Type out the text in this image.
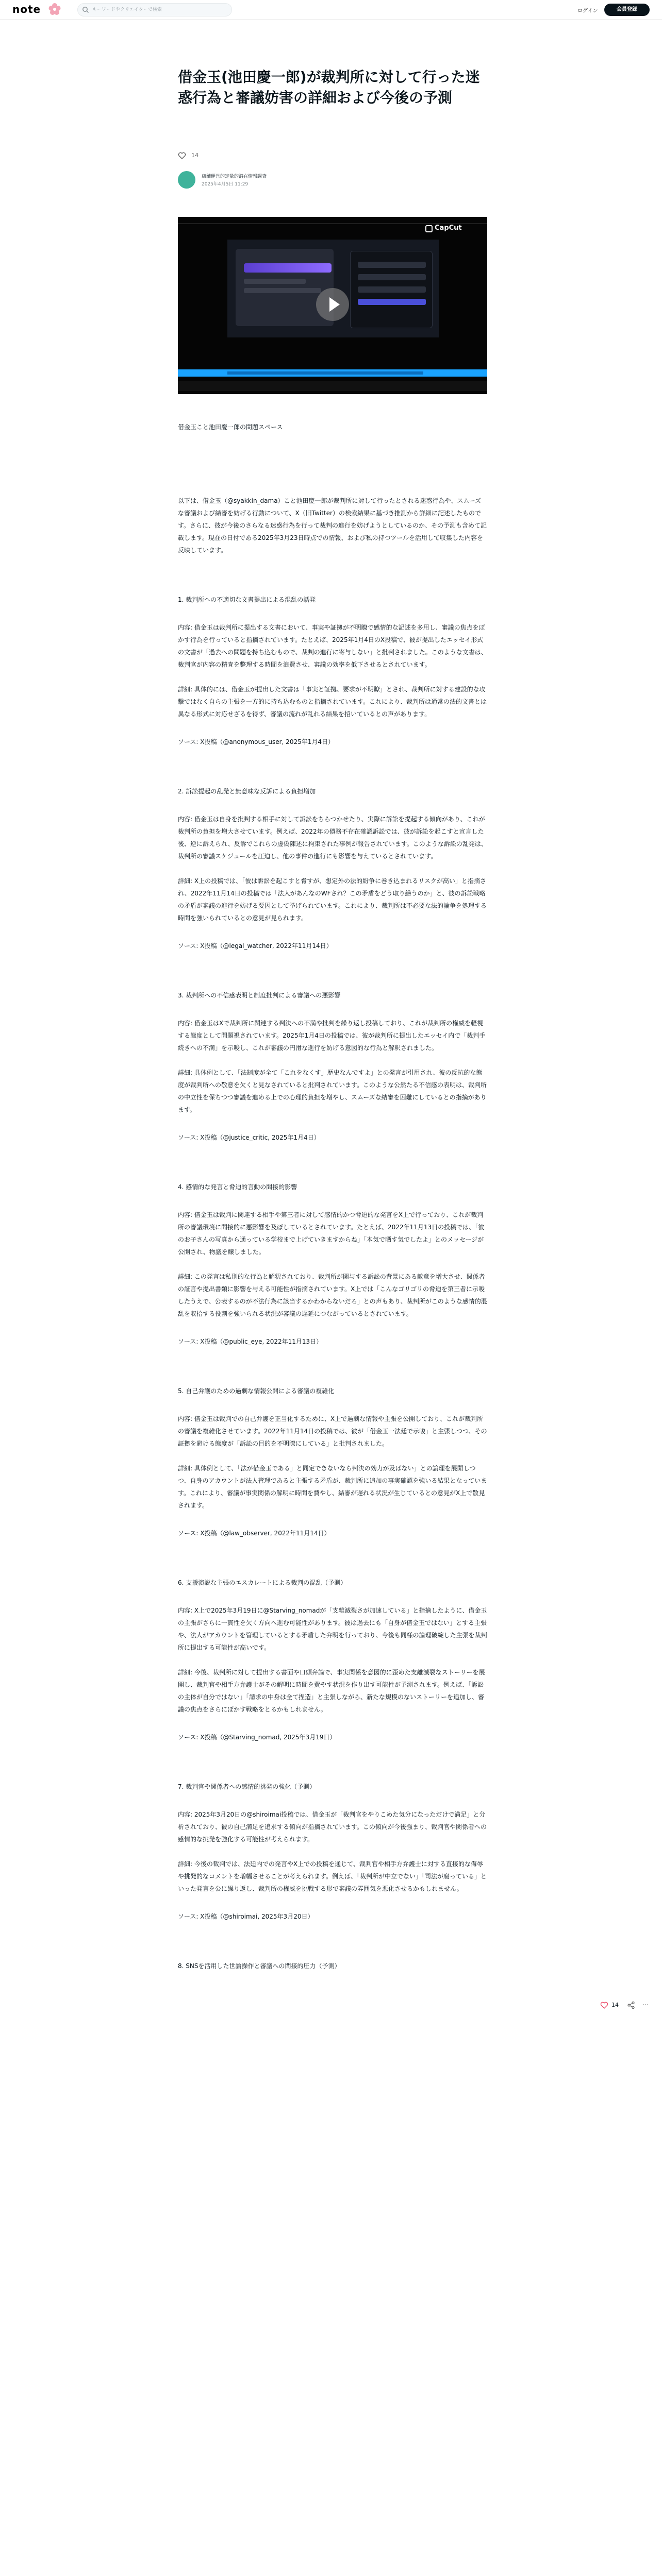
note
キーワードやクリエイターで検索	ログイン	会員登録
借金玉(池田慶一郎)が裁判所に対して行った迷惑行為と審議妨害の詳細および今後の予測
14
店舗運営的定量的潜在情報調査
2025年4月5日 11:29
CapCut

借金玉こと池田慶一郎の問題スペース

以下は、借金玉（@syakkin_dama）こと池田慶一郎が裁判所に対して行ったとされる迷惑行為や、スムーズな審議および結審を妨げる行動について、X（旧Twitter）の検索結果に基づき推測から詳細に記述したものです。さらに、彼が今後のさらなる迷惑行為を行って裁判の進行を妨げようとしているのか、その予測も含めて記載します。現在の日付である2025年3月23日時点での情報、および私の持つツールを活用して収集した内容を反映しています。

1. 裁判所への不適切な文書提出による混乱の誘発

内容: 借金玉は裁判所に提出する文書において、事実や証拠が不明瞭で感情的な記述を多用し、審議の焦点をぼかす行為を行っていると指摘されています。たとえば、2025年1月4日のX投稿で、彼が提出したエッセイ形式の文書が「過去への問題を持ち込むもので、裁判の進行に寄与しない」と批判されました。このような文書は、裁判官が内容の精査を整理する時間を浪費させ、審議の効率を低下させるとされています。

詳細: 具体的には、借金玉が提出した文書は「事実と証拠、要求が不明瞭」とされ、裁判所に対する建設的な攻撃ではなく自らの主張を一方的に持ち込むものと指摘されています。これにより、裁判所は通常の法的文書とは異なる形式に対応せざるを得ず、審議の流れが乱れる結果を招いているとの声があります。

ソース: X投稿（@anonymous_user, 2025年1月4日）

2. 訴訟提起の乱発と無意味な反訴による負担増加

内容: 借金玉は自身を批判する相手に対して訴訟をちらつかせたり、実際に訴訟を提起する傾向があり、これが裁判所の負担を増大させています。例えば、2022年の債務不存在確認訴訟では、彼が訴訟を起こすと宣言した後、逆に訴えられ、反訴でこれらの虚偽陳述に拘束された事例が報告されています。このような訴訟の乱発は、裁判所の審議スケジュールを圧迫し、他の事件の進行にも影響を与えているとされています。

詳細: X上の投稿では、「彼は訴訟を起こすと脅すが、想定外の法的紛争に巻き込まれるリスクが高い」と指摘され、2022年11月14日の投稿では「法人があんなのWFされ？この矛盾をどう取り繕うのか」と、彼の訴訟戦略の矛盾が審議の進行を妨げる要因として挙げられています。これにより、裁判所は不必要な法的論争を処理する時間を強いられているとの意見が見られます。

ソース: X投稿（@legal_watcher, 2022年11月14日）

3. 裁判所への不信感表明と制度批判による審議への悪影響

内容: 借金玉はXで裁判所に関連する判決への不満や批判を繰り返し投稿しており、これが裁判所の権威を軽視する態度として問題視されています。2025年1月4日の投稿では、彼が裁判所に提出したエッセイ内で「裁判手続きへの不満」を示唆し、これが審議の円滑な進行を妨げる意図的な行為と解釈されました。

詳細: 具体例として、「法制度が全て「これをなくす」歴史なんですよ」との発言が引用され、彼の反抗的な態度が裁判所への敬意を欠くと見なされていると批判されています。このような公然たる不信感の表明は、裁判所の中立性を保ちつつ審議を進める上での心理的負担を増やし、スムーズな結審を困難にしているとの指摘があります。

ソース: X投稿（@justice_critic, 2025年1月4日）

4. 感情的な発言と脅迫的言動の間接的影響

内容: 借金玉は裁判に関連する相手や第三者に対して感情的かつ脅迫的な発言をX上で行っており、これが裁判所の審議環境に間接的に悪影響を及ぼしているとされています。たとえば、2022年11月13日の投稿では、「彼のお子さんの写真から通っている学校まで上げていきますからね」「本気で晒す気でしたよ」とのメッセージが公開され、物議を醸しました。

詳細: この発言は私刑的な行為と解釈されており、裁判所が関与する訴訟の背景にある敵意を増大させ、関係者の証言や提出書類に影響を与える可能性が指摘されています。X上では「こんなゴリゴリの脅迫を第三者に示唆したうえで、公表するのが不法行為に該当するかわからないだろ」との声もあり、裁判所がこのような感情的混乱を収拾する役割を強いられる状況が審議の遅延につながっているとされています。

ソース: X投稿（@public_eye, 2022年11月13日）

5. 自己弁護のための過剰な情報公開による審議の複雑化

内容: 借金玉は裁判での自己弁護を正当化するために、X上で過剰な情報や主張を公開しており、これが裁判所の審議を複雑化させています。2022年11月14日の投稿では、彼が「借金玉一法廷で示唆」と主張しつつ、その証拠を避ける態度が「訴訟の目的を不明瞭にしている」と批判されました。

詳細: 具体例として、「法が借金玉である」と同定できないなら判決の効力が及ばない」との論理を展開しつつ、自身のアカウントが法人管理であると主張する矛盾が、裁判所に追加の事実確認を強いる結果となっています。これにより、審議が事実関係の解明に時間を費やし、結審が遅れる状況が生じているとの意見がX上で散見されます。

ソース: X投稿（@law_observer, 2022年11月14日）

6. 支援演説な主張のエスカレートによる裁判の混乱（予測）

内容: X上で2025年3月19日に@Starving_nomadが「支離滅裂さが加速している」と指摘したように、借金玉の主張がさらに一貫性を欠く方向へ進む可能性があります。彼は過去にも「自身が借金玉ではない」とする主張や、法人がアカウントを管理しているとする矛盾した弁明を行っており、今後も同様の論理破綻した主張を裁判所に提出する可能性が高いです。

詳細: 今後、裁判所に対して提出する書面や口頭弁論で、事実関係を意図的に歪めた支離滅裂なストーリーを展開し、裁判官や相手方弁護士がその解明に時間を費やす状況を作り出す可能性が予測されます。例えば、「訴訟の主体が自分ではない」「請求の中身は全て捏造」と主張しながら、新たな規模のないストーリーを追加し、審議の焦点をさらにぼかす戦略をとるかもしれません。

ソース: X投稿（@Starving_nomad, 2025年3月19日）

7. 裁判官や関係者への感情的挑発の強化（予測）

内容: 2025年3月20日の@shiroimai投稿では、借金玉が「裁判官をやりこめた気分になっただけで満足」と分析されており、彼の自己満足を追求する傾向が指摘されています。この傾向が今後強まり、裁判官や関係者への感情的な挑発を強化する可能性が考えられます。

詳細: 今後の裁判では、法廷内での発言やX上での投稿を通じて、裁判官や相手方弁護士に対する直接的な侮辱や挑発的なコメントを増幅させることが考えられます。例えば、「裁判所が中立でない」「司法が腐っている」といった発言を公に繰り返し、裁判所の権威を挑戦する形で審議の雰囲気を悪化させるかもしれません。

ソース: X投稿（@shiroimai, 2025年3月20日）

8. SNSを活用した世論操作と審議への間接的圧力（予測）

14	⋯
